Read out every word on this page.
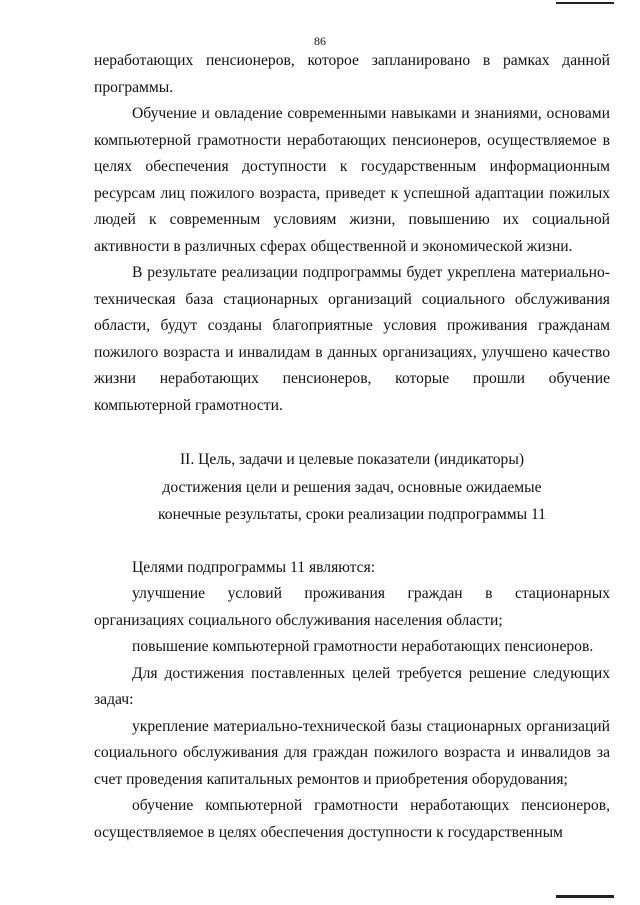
86

неработающих пенсионеров, которое запланировано в рамках данной программы.

Обучение и овладение современными навыками и знаниями, основами компьютерной грамотности неработающих пенсионеров, осуществляемое в целях обеспечения доступности к государственным информационным ресурсам лиц пожилого возраста, приведет к успешной адаптации пожилых людей к современным условиям жизни, повышению их социальной активности в различных сферах общественной и экономической жизни.

В результате реализации подпрограммы будет укреплена материально-техническая база стационарных организаций социального обслуживания области, будут созданы благоприятные условия проживания гражданам пожилого возраста и инвалидам в данных организациях, улучшено качество жизни неработающих пенсионеров, которые прошли обучение компьютерной грамотности.

II. Цель, задачи и целевые показатели (индикаторы)
достижения цели и решения задач, основные ожидаемые
конечные результаты, сроки реализации подпрограммы 11

Целями подпрограммы 11 являются:

улучшение условий проживания граждан в стационарных организациях социального обслуживания населения области;

повышение компьютерной грамотности неработающих пенсионеров.

Для достижения поставленных целей требуется решение следующих задач:

укрепление материально-технической базы стационарных организаций социального обслуживания для граждан пожилого возраста и инвалидов за счет проведения капитальных ремонтов и приобретения оборудования;

обучение компьютерной грамотности неработающих пенсионеров, осуществляемое в целях обеспечения доступности к государственным
